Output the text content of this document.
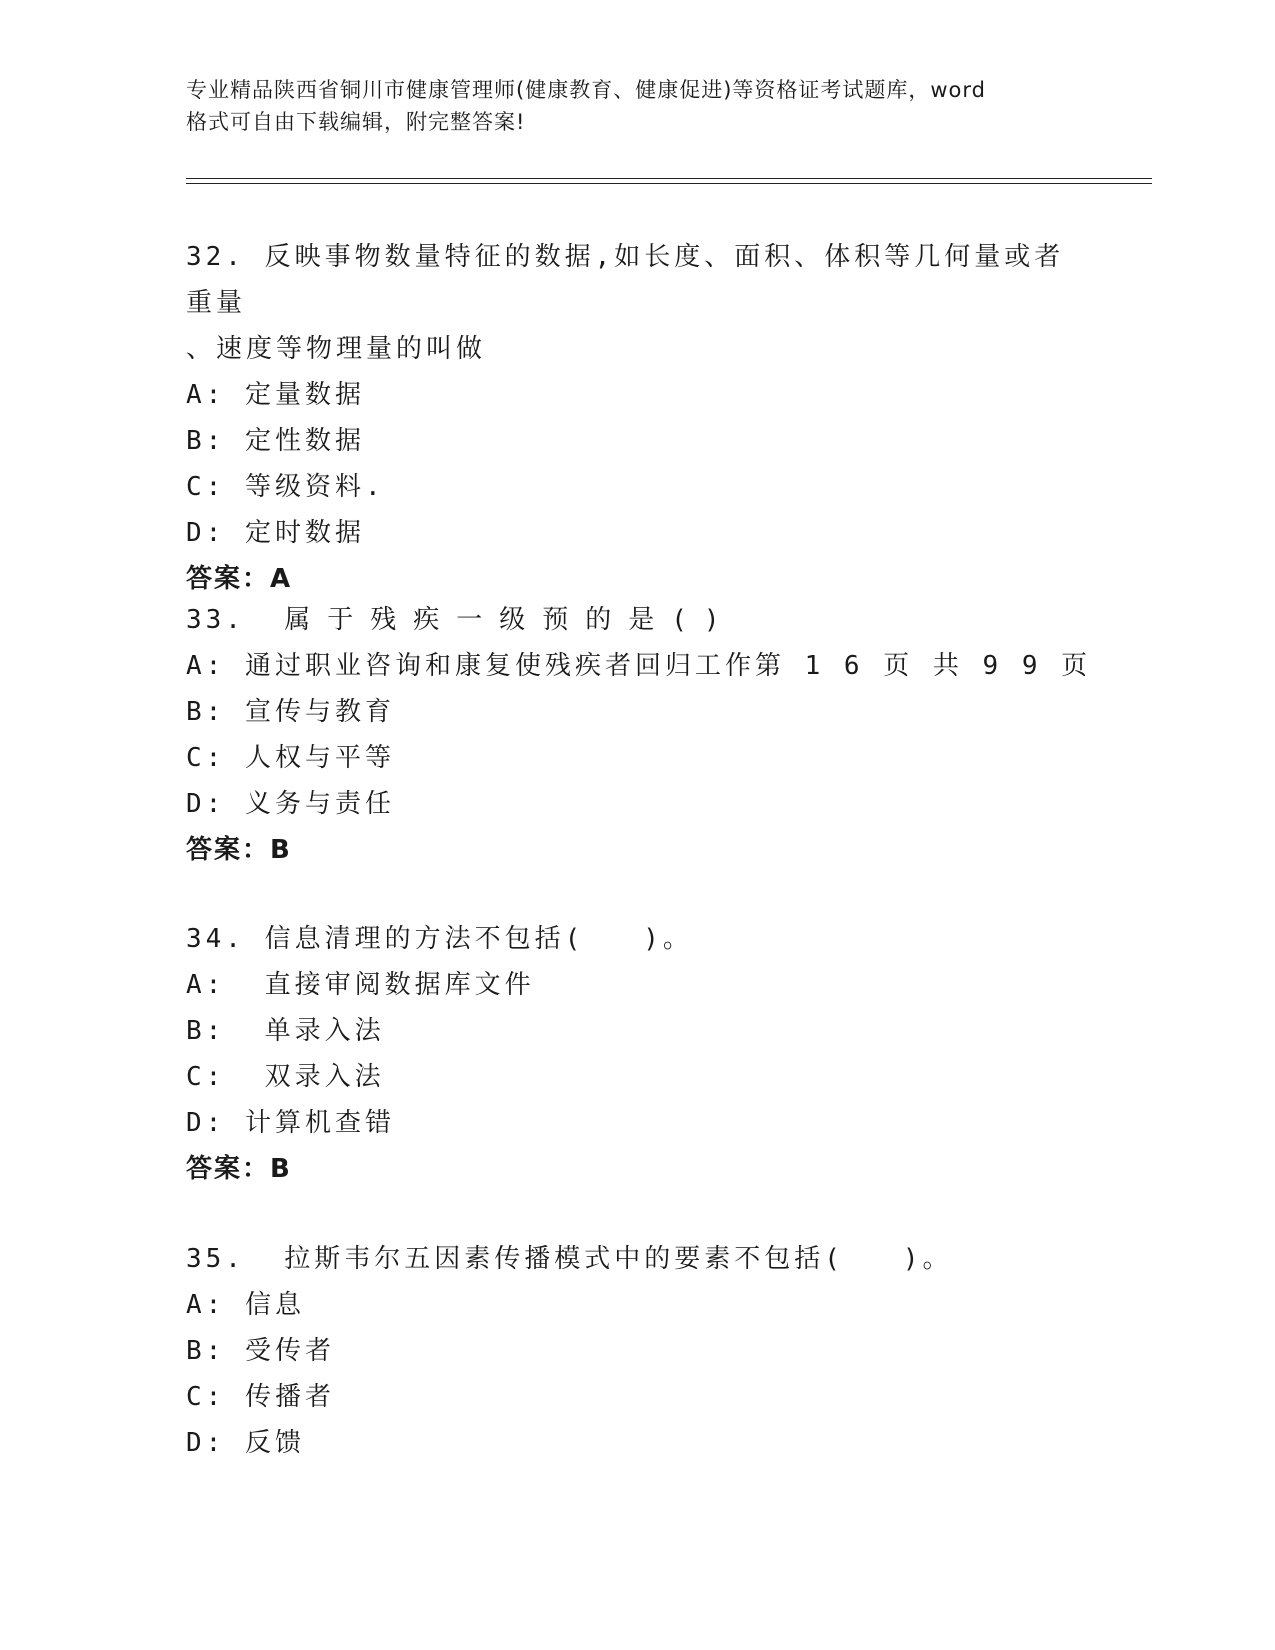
专业精品陕西省铜川市健康管理师(健康教育、健康促进)等资格证考试题库，word
格式可自由下载编辑，附完整答案!
32. 反映事物数量特征的数据,如长度、面积、体积等几何量或者重量
、速度等物理量的叫做
A: 定量数据
B: 定性数据
C: 等级资料.
D: 定时数据
答案：A
33. 属于残疾一级预的是()
A: 通过职业咨询和康复使残疾者回归工作第 1 6 页 共 9 9 页
B: 宣传与教育
C: 人权与平等
D: 义务与责任
答案：B
34. 信息清理的方法不包括(   )。
A:  直接审阅数据库文件
B:  单录入法
C:  双录入法
D: 计算机查错
答案：B
35.  拉斯韦尔五因素传播模式中的要素不包括(   )。
A: 信息
B: 受传者
C: 传播者
D: 反馈
